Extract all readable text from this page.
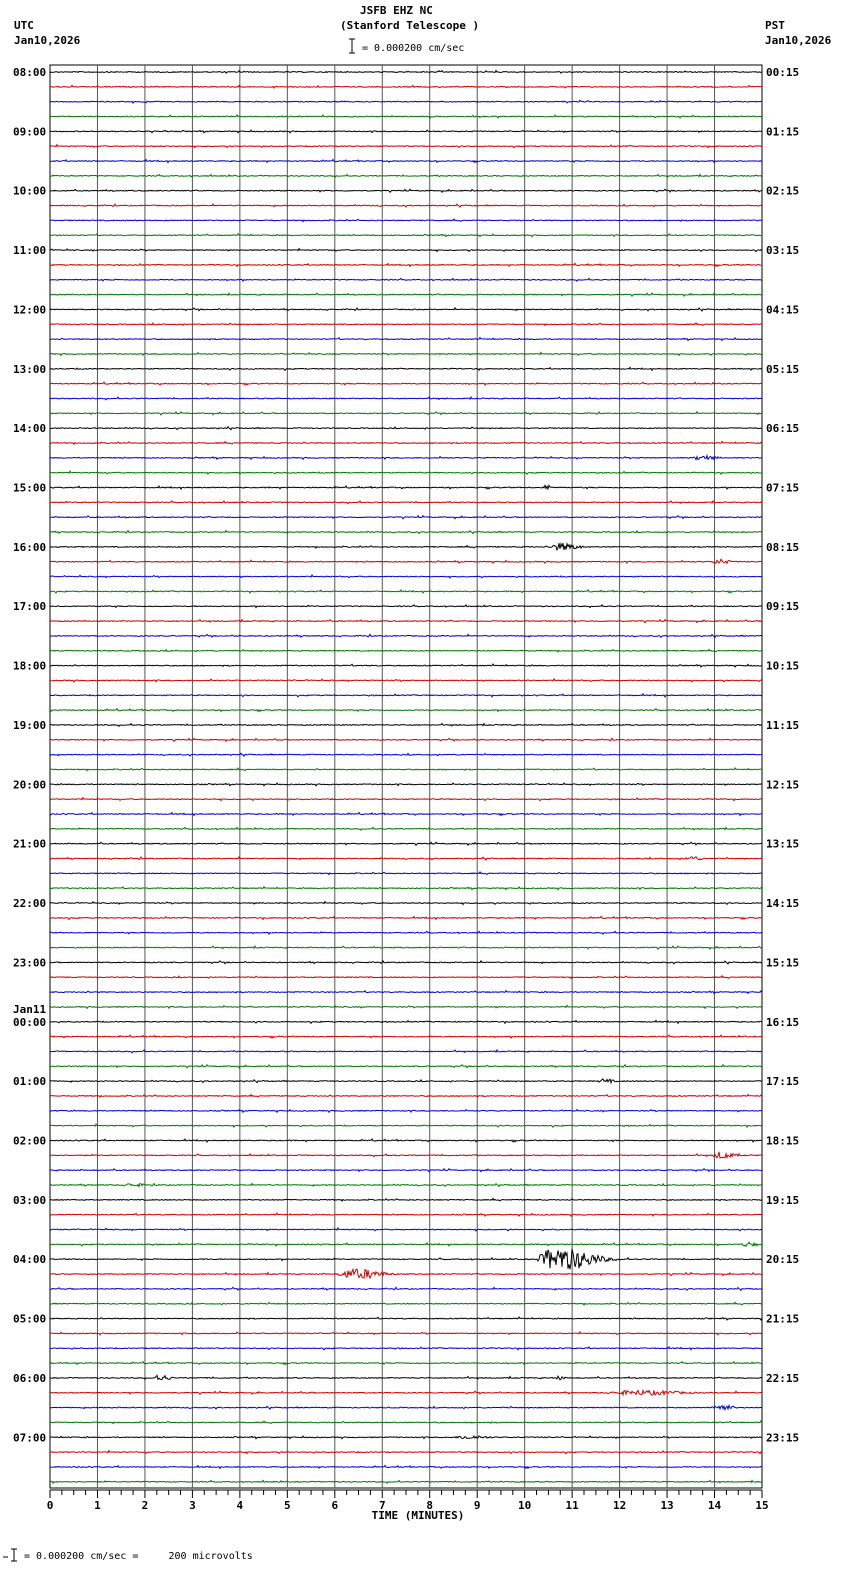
JSFB EHZ NC
(Stanford Telescope )
UTC
Jan10,2026
PST
Jan10,2026
= 0.000200 cm/sec
0	1	2	3	4	5	6	7	8	9	10	11	12	13	14	15
08:00
09:00
10:00
11:00
12:00
13:00
14:00
15:00
16:00
17:00
18:00
19:00
20:00
21:00
22:00
23:00
00:00
Jan11
01:00
02:00
03:00
04:00
05:00
06:00
07:00
00:15
01:15
02:15
03:15
04:15
05:15
06:15
07:15
08:15
09:15
10:15
11:15
12:15
13:15
14:15
15:15
16:15
17:15
18:15
19:15
20:15
21:15
22:15
23:15
TIME (MINUTES)
= 0.000200 cm/sec =     200 microvolts
